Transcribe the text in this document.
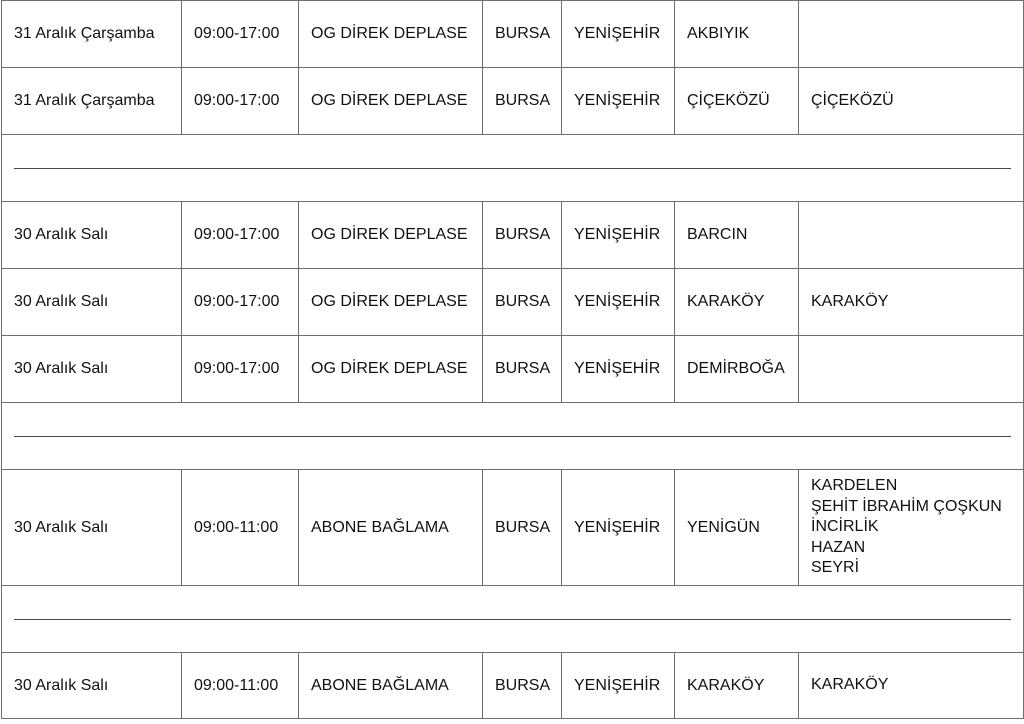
31 Aralık Çarşamba	09:00-17:00	OG DİREK DEPLASE	BURSA	YENİŞEHİR	AKBIYIK	
31 Aralık Çarşamba	09:00-17:00	OG DİREK DEPLASE	BURSA	YENİŞEHİR	ÇİÇEKÖZÜ	ÇİÇEKÖZÜ

30 Aralık Salı	09:00-17:00	OG DİREK DEPLASE	BURSA	YENİŞEHİR	BARCIN	
30 Aralık Salı	09:00-17:00	OG DİREK DEPLASE	BURSA	YENİŞEHİR	KARAKÖY	KARAKÖY

30 Aralık Salı	09:00-17:00	OG DİREK DEPLASE	BURSA	YENİŞEHİR	DEMİRBOĞA	

30 Aralık Salı	09:00-11:00	ABONE BAĞLAMA	BURSA	YENİŞEHİR	YENİGÜN	KARDELEN
ŞEHİT İBRAHİM ÇOŞKUN
İNCİRLİK
HAZAN
SEYRİ

30 Aralık Salı	09:00-11:00	ABONE BAĞLAMA	BURSA	YENİŞEHİR	KARAKÖY	KARAKÖY
